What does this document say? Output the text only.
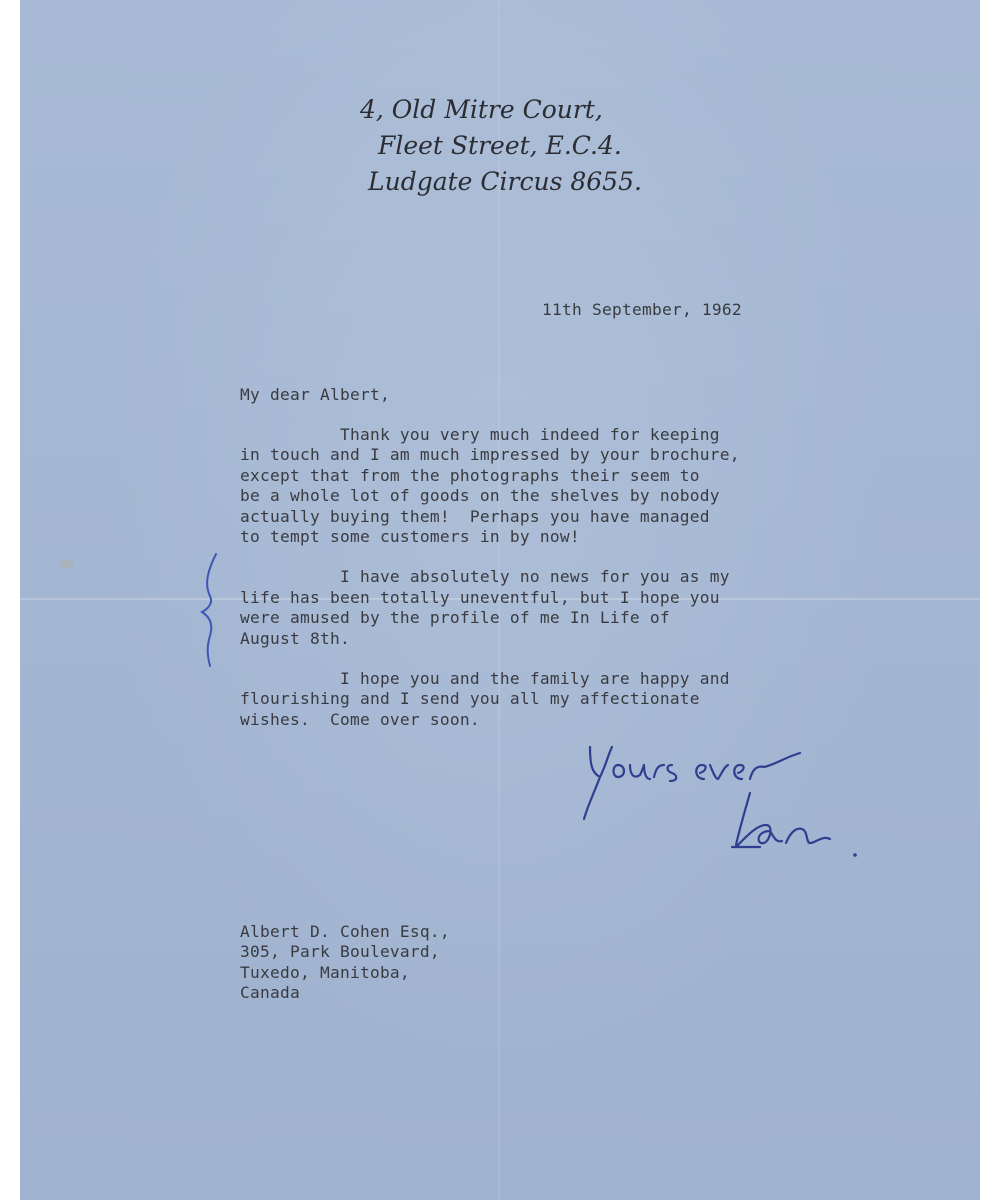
4, Old Mitre Court,
Fleet Street, E.C.4.
Ludgate Circus 8655.
11th September, 1962
My dear Albert,
Thank you very much indeed for keeping
in touch and I am much impressed by your brochure,
except that from the photographs their seem to
be a whole lot of goods on the shelves by nobody
actually buying them!  Perhaps you have managed
to tempt some customers in by now!
I have absolutely no news for you as my
life has been totally uneventful, but I hope you
were amused by the profile of me In Life of
August 8th.
I hope you and the family are happy and
flourishing and I send you all my affectionate
wishes.  Come over soon.
Albert D. Cohen Esq.,
305, Park Boulevard,
Tuxedo, Manitoba,
Canada
